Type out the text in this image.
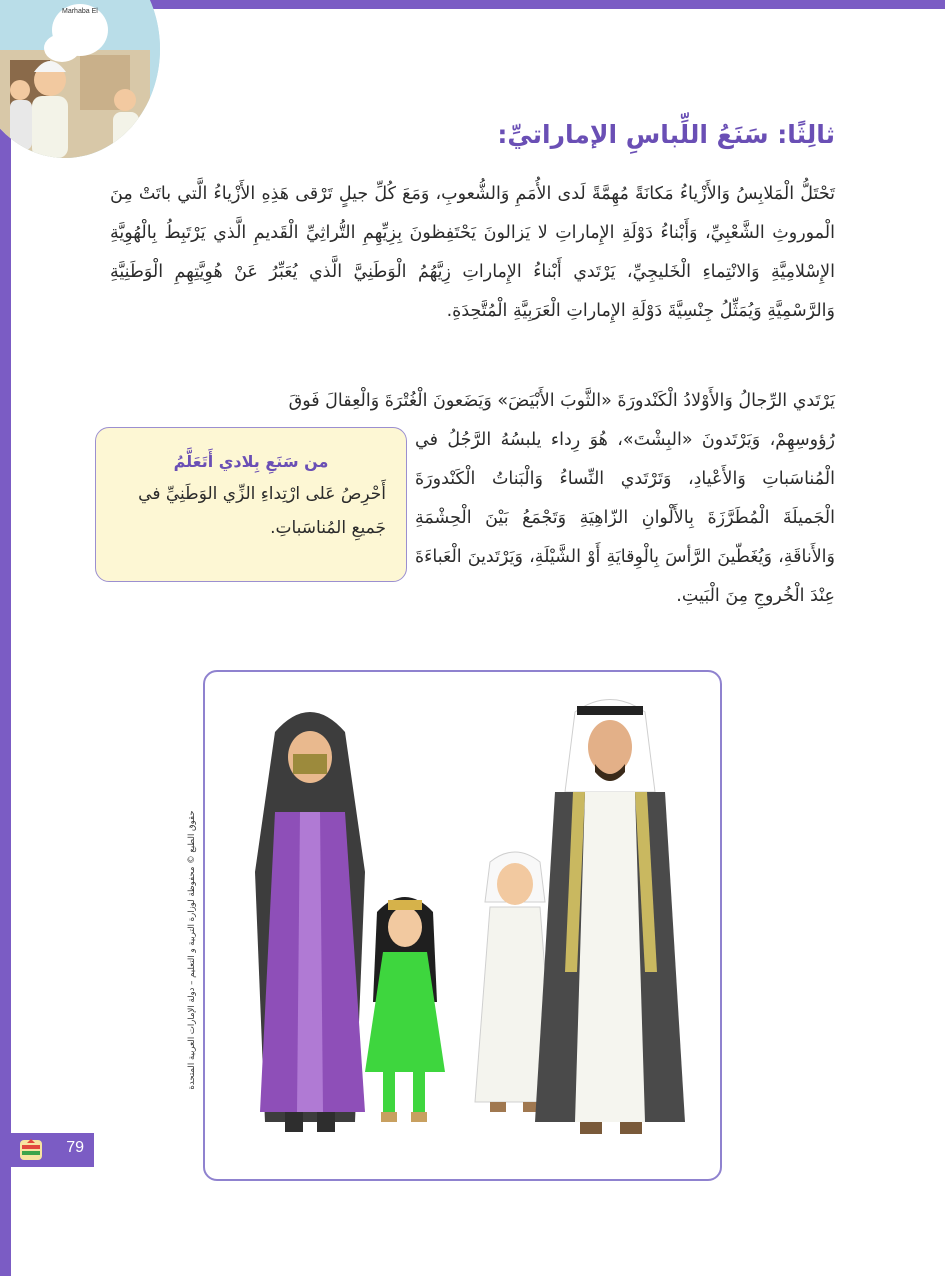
Marhaba El
ثالِثًا: سَنَعُ اللِّباسِ الإماراتيِّ:
تَحْتَلُّ الْمَلابِسُ وَالأَزْياءُ مَكانَةً مُهِمَّةً لَدى الأُمَمِ وَالشُّعوبِ، وَمَعَ كُلِّ جيلٍ تَرْقى هَذِهِ الأَزْياءُ الَّتي باتَتْ مِنَ الْموروثِ الشَّعْبِيِّ، وَأَبْناءُ دَوْلَةِ الإِماراتِ لا يَزالونَ يَحْتَفِظونَ بِزِيِّهِمِ التُّراثِيِّ الْقَديمِ الَّذي يَرْتَبِطُ بِالْهُوِيَّةِ الإِسْلامِيَّةِ وَالانْتِماءِ الْخَليجِيِّ، يَرْتَدي أَبْناءُ الإِماراتِ زِيَّهُمُ الْوَطَنِيَّ الَّذي يُعَبِّرُ عَنْ هُوِيَّتِهِمِ الْوَطَنِيَّةِ وَالرَّسْمِيَّةِ وَيُمَثِّلُ جِنْسِيَّةَ دَوْلَةِ الإِماراتِ الْعَرَبِيَّةِ الْمُتَّحِدَةِ.
يَرْتَدي الرِّجالُ وَالأَوْلادُ الْكَنْدورَةَ «الثَّوبَ الأَبْيَضَ» وَيَضَعونَ الْغُتْرَةَ وَالْعِقالَ فَوقَ
رُؤوسِهِمْ، وَيَرْتَدونَ «البِشْتَ»، هُوَ رِداء يلبسُهُ الرَّجُلُ في الْمُناسَباتِ وَالأَعْيادِ، وَتَرْتَدي النِّساءُ وَالْبَناتُ الْكَنْدورَةَ الْجَميلَةَ الْمُطَرَّزَةَ بِالأَلْوانِ الزّاهِيَةِ وَتَجْمَعُ بَيْنَ الْحِشْمَةِ وَالأَناقَةِ، وَيُغَطّينَ الرَّأسَ بِالْوِقايَةِ أَوْ الشَّيْلَةِ، وَيَرْتَدينَ الْعَباءَةَ عِنْدَ الْخُروجِ مِنَ الْبَيتِ.
من سَنَعِ بِلادي أَتَعَلَّمُ
أَحْرِصُ عَلى ارْتِداءِ الزِّي الوَطَنِيِّ في جَميعِ المُناسَباتِ.
حقوق الطبع © محفوظة لوزارة التربية و التعليم – دولة الإمارات العربية المتحدة
79
